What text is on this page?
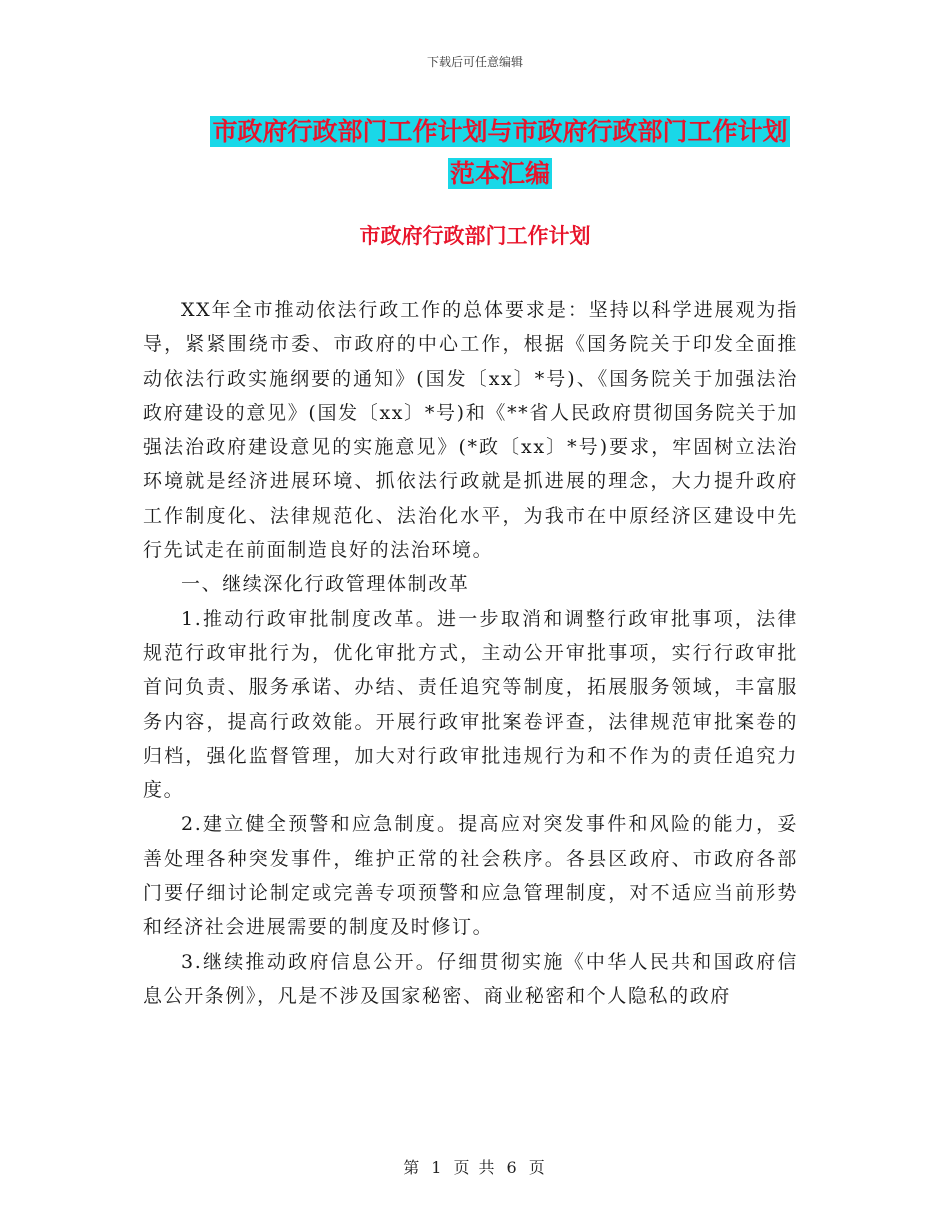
下载后可任意编辑
市政府行政部门工作计划与市政府行政部门工作计划
范本汇编
市政府行政部门工作计划

XX年全市推动依法行政工作的总体要求是：坚持以科学进展观为指导，紧紧围绕市委、市政府的中心工作，根据《国务院关于印发全面推动依法行政实施纲要的通知》(国发〔xx〕*号)、《国务院关于加强法治政府建设的意见》(国发〔xx〕*号)和《**省人民政府贯彻国务院关于加强法治政府建设意见的实施意见》(*政〔xx〕*号)要求，牢固树立法治环境就是经济进展环境、抓依法行政就是抓进展的理念，大力提升政府工作制度化、法律规范化、法治化水平，为我市在中原经济区建设中先行先试走在前面制造良好的法治环境。

一、继续深化行政管理体制改革

1.推动行政审批制度改革。进一步取消和调整行政审批事项，法律规范行政审批行为，优化审批方式，主动公开审批事项，实行行政审批首问负责、服务承诺、办结、责任追究等制度，拓展服务领域，丰富服务内容，提高行政效能。开展行政审批案卷评查，法律规范审批案卷的归档，强化监督管理，加大对行政审批违规行为和不作为的责任追究力度。

2.建立健全预警和应急制度。提高应对突发事件和风险的能力，妥善处理各种突发事件，维护正常的社会秩序。各县区政府、市政府各部门要仔细讨论制定或完善专项预警和应急管理制度，对不适应当前形势和经济社会进展需要的制度及时修订。

3.继续推动政府信息公开。仔细贯彻实施《中华人民共和国政府信息公开条例》，凡是不涉及国家秘密、商业秘密和个人隐私的政府

第 1 页 共 6 页
